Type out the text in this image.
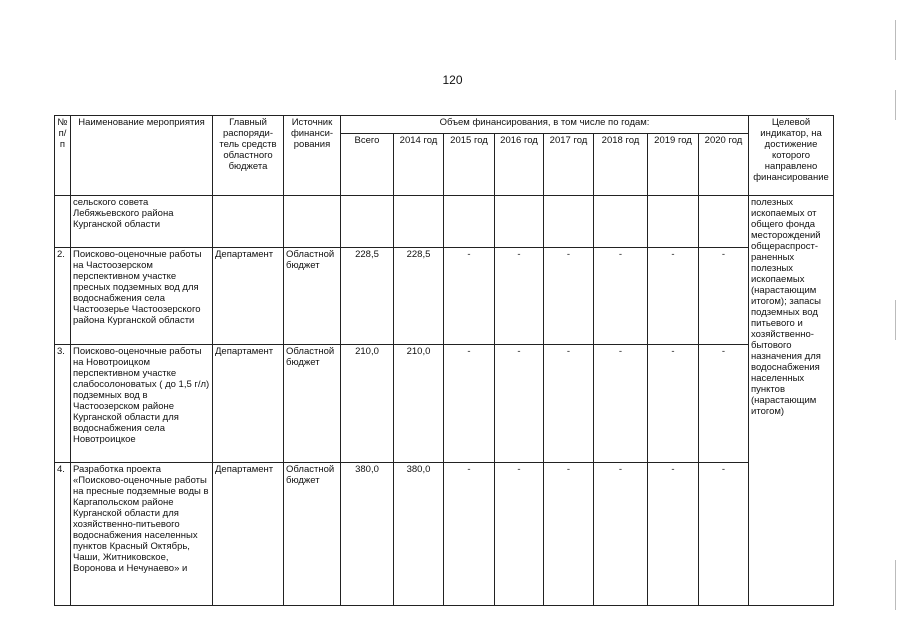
120
№ п/п	Наименование мероприятия	Главный распоряди-тель средств областного бюджета	Источник финанси-рования	Объем финансирования, в том числе по годам:								Целевой индикатор, на достижение которого направлено финансирование
				Всего	2014 год	2015 год	2016 год	2017 год	2018 год	2019 год	2020 год	
	сельского совета Лебяжьевского района Курганской области											полезных ископаемых от общего фонда месторождений общераспрост-раненных полезных ископаемых (нарастающим итогом); запасы подземных вод питьевого и хозяйственно-бытового назначения для водоснабжения населенных пунктов (нарастающим итогом)
2.	Поисково-оценочные работы на Частоозерском перспективном участке пресных подземных вод для водоснабжения села Частоозерье Частоозерского района Курганской области	Департамент	Областной бюджет	228,5	228,5	-	-	-	-	-	-	
3.	Поисково-оценочные работы на Новотроицком перспективном участке слабосолоноватых ( до 1,5 г/л) подземных вод в Частоозерском районе Курганской области для водоснабжения села Новотроицкое	Департамент	Областной бюджет	210,0	210,0	-	-	-	-	-	-	
4.	Разработка проекта «Поисково-оценочные работы на пресные подземные воды в Каргапольском районе Курганской области для хозяйственно-питьевого водоснабжения населенных пунктов Красный Октябрь, Чаши, Житниковское, Воронова и Нечунаево» и	Департамент	Областной бюджет	380,0	380,0	-	-	-	-	-	-	
